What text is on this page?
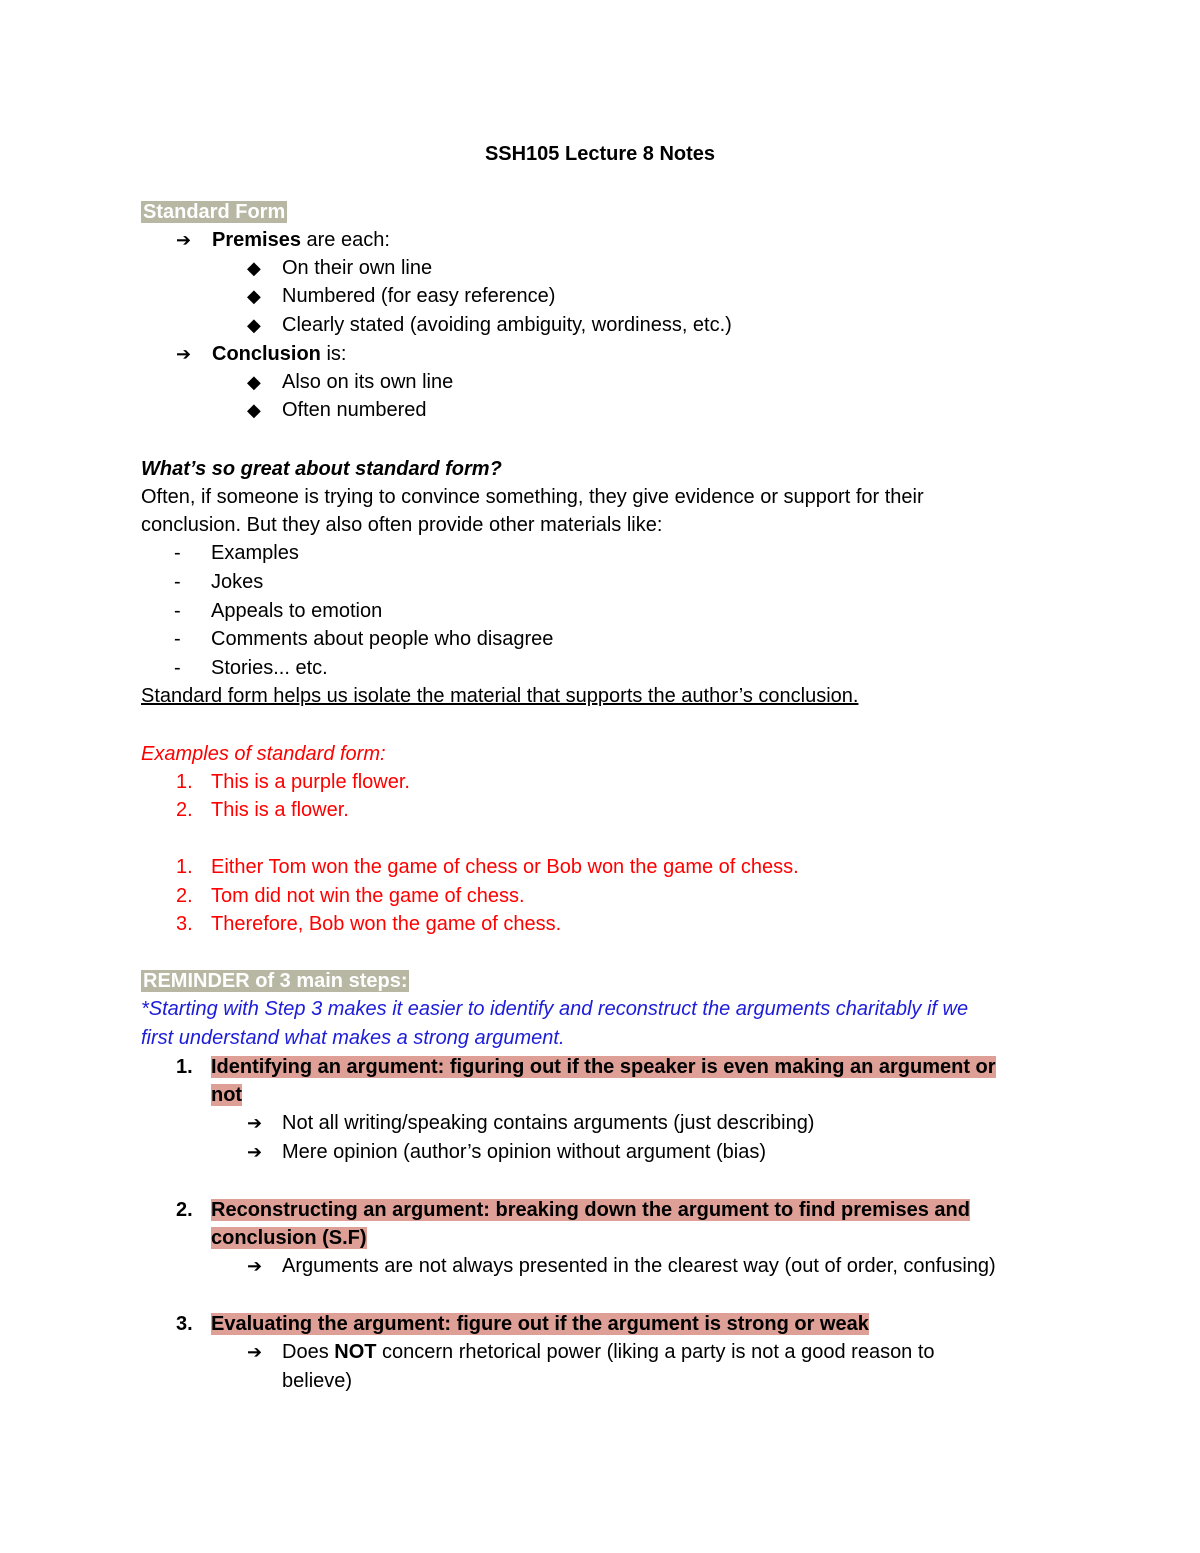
SSH105 Lecture 8 Notes
Standard Form
➔ Premises are each:
◆ On their own line
◆ Numbered (for easy reference)
◆ Clearly stated (avoiding ambiguity, wordiness, etc.)
➔ Conclusion is:
◆ Also on its own line
◆ Often numbered
What’s so great about standard form?
Often, if someone is trying to convince something, they give evidence or support for their
conclusion. But they also often provide other materials like:
- Examples
- Jokes
- Appeals to emotion
- Comments about people who disagree
- Stories... etc.
Standard form helps us isolate the material that supports the author’s conclusion.
Examples of standard form:
1. This is a purple flower.
2. This is a flower.
1. Either Tom won the game of chess or Bob won the game of chess.
2. Tom did not win the game of chess.
3. Therefore, Bob won the game of chess.
REMINDER of 3 main steps:
*Starting with Step 3 makes it easier to identify and reconstruct the arguments charitably if we
first understand what makes a strong argument.
1. Identifying an argument: figuring out if the speaker is even making an argument or
not
➔ Not all writing/speaking contains arguments (just describing)
➔ Mere opinion (author’s opinion without argument (bias)
2. Reconstructing an argument: breaking down the argument to find premises and
conclusion (S.F)
➔ Arguments are not always presented in the clearest way (out of order, confusing)
3. Evaluating the argument: figure out if the argument is strong or weak
➔ Does NOT concern rhetorical power (liking a party is not a good reason to
believe)
